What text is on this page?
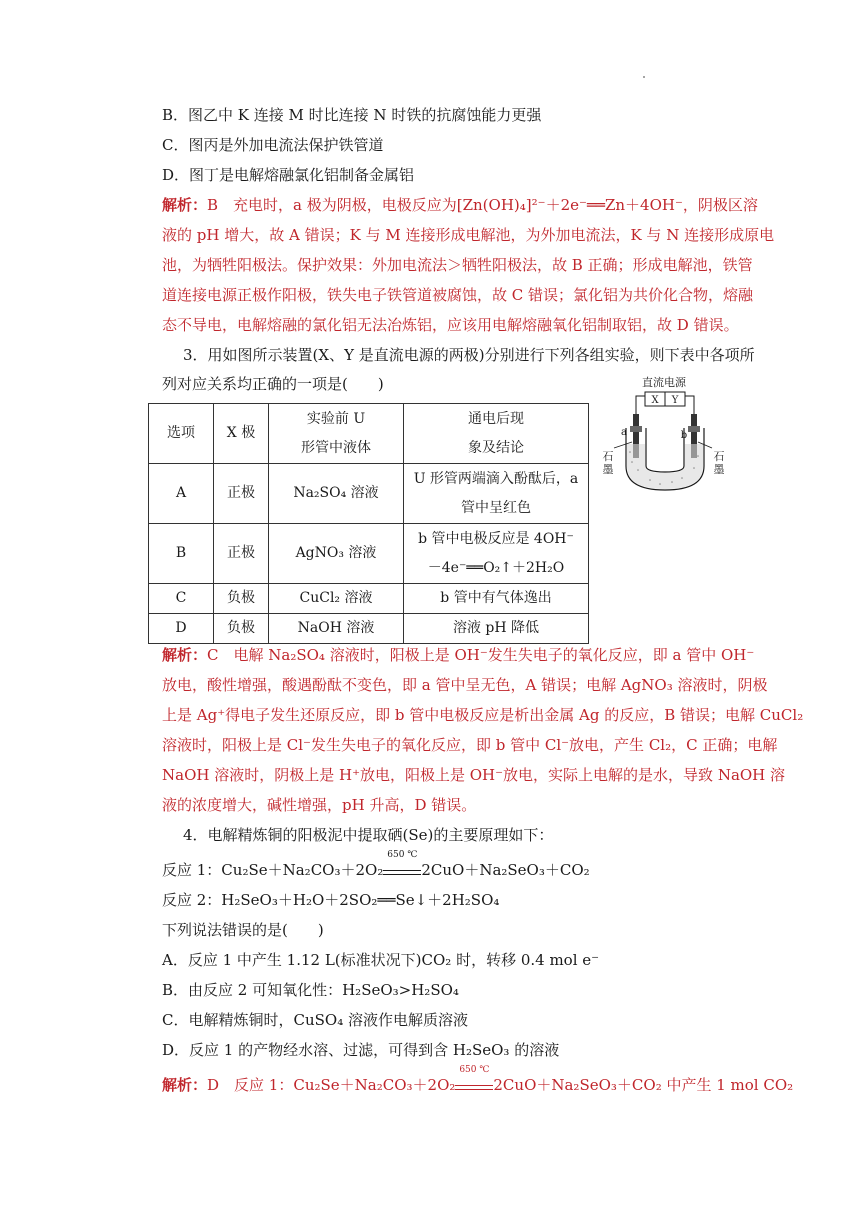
B．图乙中 K 连接 M 时比连接 N 时铁的抗腐蚀能力更强
C．图丙是外加电流法保护铁管道
D．图丁是电解熔融氯化铝制备金属铝
解析：B　充电时，a 极为阴极，电极反应为[Zn(OH)₄]²⁻＋2e⁻══Zn＋4OH⁻，阴极区溶
液的 pH 增大，故 A 错误；K 与 M 连接形成电解池，为外加电流法，K 与 N 连接形成原电
池，为牺牲阳极法。保护效果：外加电流法＞牺牲阳极法，故 B 正确；形成电解池，铁管
道连接电源正极作阳极，铁失电子铁管道被腐蚀，故 C 错误；氯化铝为共价化合物，熔融
态不导电，电解熔融的氯化铝无法冶炼铝，应该用电解熔融氧化铝制取铝，故 D 错误。
3．用如图所示装置(X、Y 是直流电源的两极)分别进行下列各组实验，则下表中各项所
列对应关系均正确的一项是(　　)
选项	X 极	实验前 U
形管中液体	通电后现
象及结论
A	正极	Na₂SO₄ 溶液	U 形管两端滴入酚酞后，a
管中呈红色
B	正极	AgNO₃ 溶液	b 管中电极反应是 4OH⁻
－4e⁻══O₂↑＋2H₂O
C	负极	CuCl₂ 溶液	b 管中有气体逸出
D	负极	NaOH 溶液	溶液 pH 降低
直流电源
X Y
a	b
石
墨
石
墨
解析：C　电解 Na₂SO₄ 溶液时，阳极上是 OH⁻发生失电子的氧化反应，即 a 管中 OH⁻
放电，酸性增强，酸遇酚酞不变色，即 a 管中呈无色，A 错误；电解 AgNO₃ 溶液时，阴极
上是 Ag⁺得电子发生还原反应，即 b 管中电极反应是析出金属 Ag 的反应，B 错误；电解 CuCl₂
溶液时，阳极上是 Cl⁻发生失电子的氧化反应，即 b 管中 Cl⁻放电，产生 Cl₂，C 正确；电解
NaOH 溶液时，阴极上是 H⁺放电，阳极上是 OH⁻放电，实际上电解的是水，导致 NaOH 溶
液的浓度增大，碱性增强，pH 升高，D 错误。
4．电解精炼铜的阳极泥中提取硒(Se)的主要原理如下：
反应 1：Cu₂Se＋Na₂CO₃＋2O₂
650 ℃
2CuO＋Na₂SeO₃＋CO₂
反应 2：H₂SeO₃＋H₂O＋2SO₂══Se↓＋2H₂SO₄
下列说法错误的是(　　)
A．反应 1 中产生 1.12 L(标准状况下)CO₂ 时，转移 0.4 mol e⁻
B．由反应 2 可知氧化性：H₂SeO₃>H₂SO₄
C．电解精炼铜时，CuSO₄ 溶液作电解质溶液
D．反应 1 的产物经水溶、过滤，可得到含 H₂SeO₃ 的溶液
解析：D　反应 1：Cu₂Se＋Na₂CO₃＋2O₂
650 ℃
2CuO＋Na₂SeO₃＋CO₂ 中产生 1 mol CO₂
